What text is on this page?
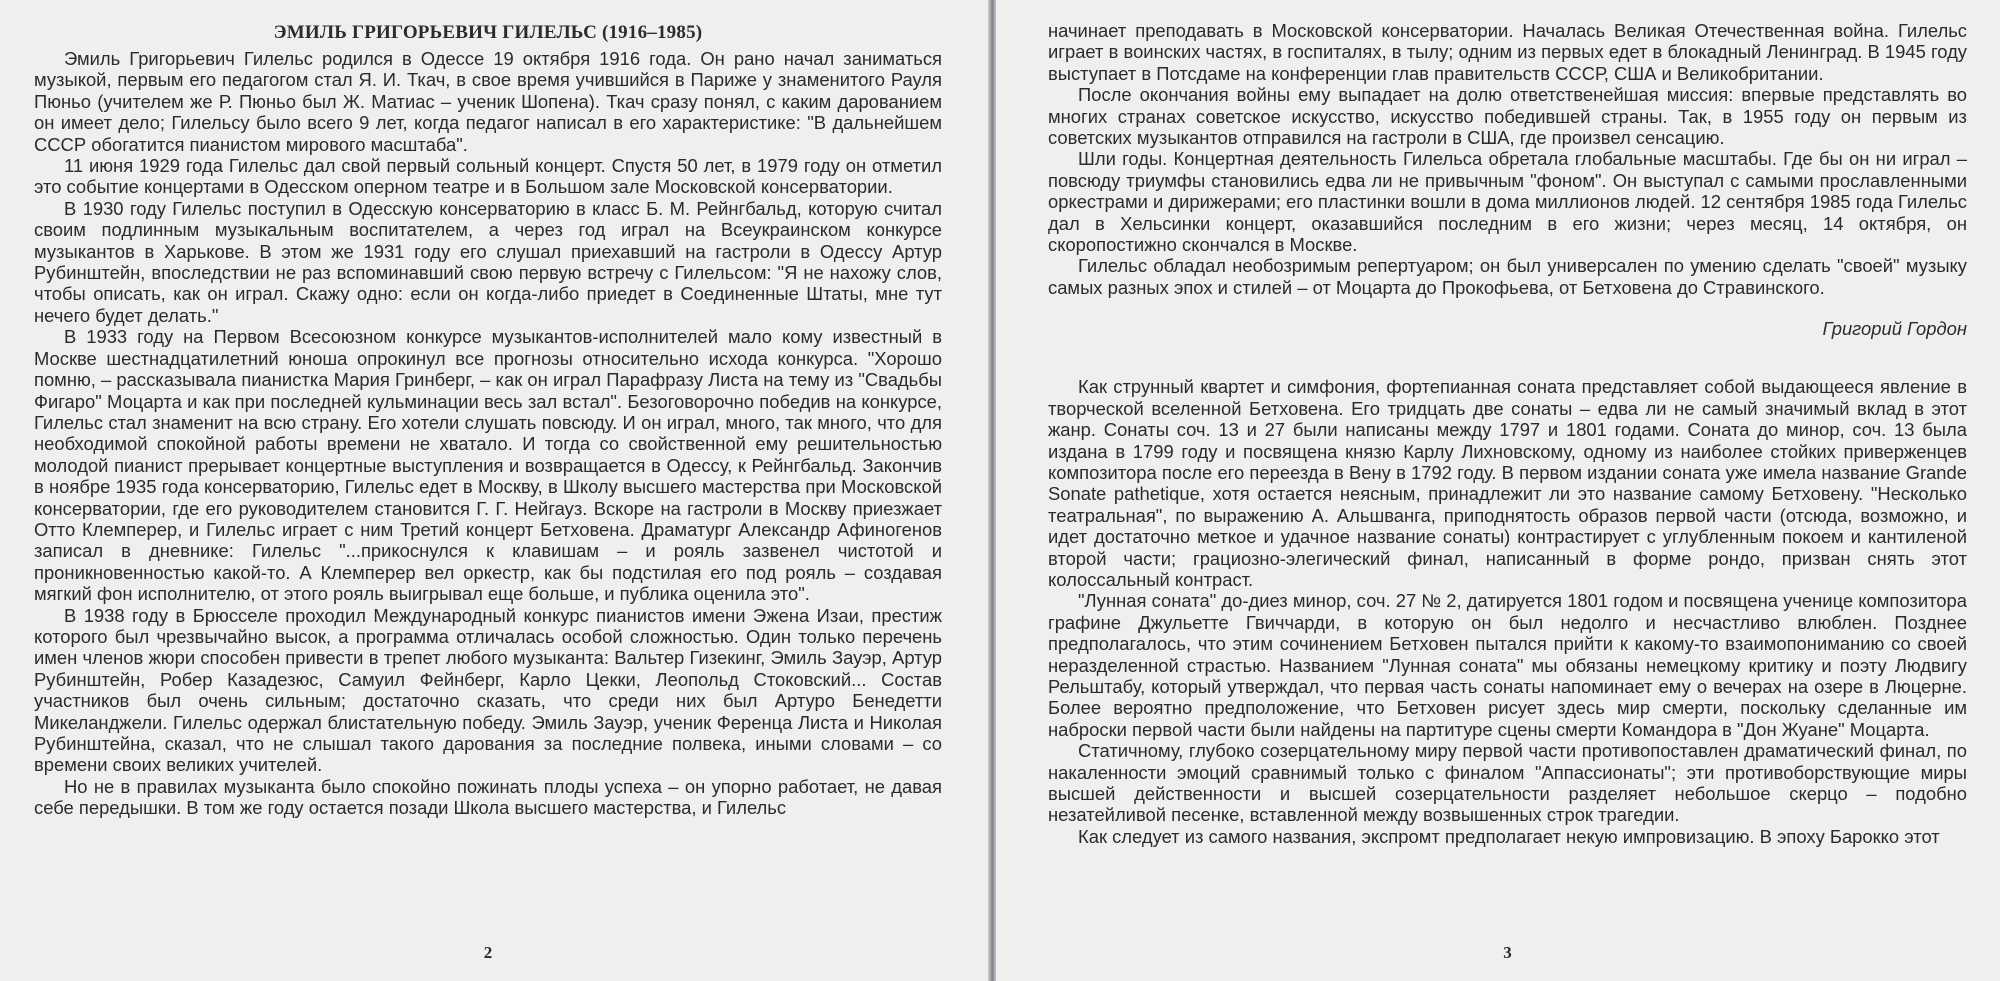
ЭМИЛЬ ГРИГОРЬЕВИЧ ГИЛЕЛЬС (1916–1985)

Эмиль Григорьевич Гилельс родился в Одессе 19 октября 1916 года. Он рано начал заниматься музыкой, первым его педагогом стал Я. И. Ткач, в свое время учившийся в Париже у знаменитого Рауля Пюньо (учителем же Р. Пюньо был Ж. Матиас – ученик Шопена). Ткач сразу понял, с каким дарованием он имеет дело; Гилельсу было всего 9 лет, когда педагог написал в его характеристике: "В дальнейшем СССР обогатится пианистом мирового масштаба".

11 июня 1929 года Гилельс дал свой первый сольный концерт. Спустя 50 лет, в 1979 году он отметил это событие концертами в Одесском оперном театре и в Большом зале Московской консерватории.

В 1930 году Гилельс поступил в Одесскую консерваторию в класс Б. М. Рейнгбальд, которую считал своим подлинным музыкальным воспитателем, а через год играл на Всеукраинском конкурсе музыкантов в Харькове. В этом же 1931 году его слушал приехавший на гастроли в Одессу Артур Рубинштейн, впоследствии не раз вспоминавший свою первую встречу с Гилельсом: "Я не нахожу слов, чтобы описать, как он играл. Скажу одно: если он когда-либо приедет в Соединенные Штаты, мне тут нечего будет делать."

В 1933 году на Первом Всесоюзном конкурсе музыкантов-исполнителей мало кому известный в Москве шестнадцатилетний юноша опрокинул все прогнозы относительно исхода конкурса. "Хорошо помню, – рассказывала пианистка Мария Гринберг, – как он играл Парафразу Листа на тему из "Свадьбы Фигаро" Моцарта и как при последней кульминации весь зал встал". Безоговорочно победив на конкурсе, Гилельс стал знаменит на всю страну. Его хотели слушать повсюду. И он играл, много, так много, что для необходимой спокойной работы времени не хватало. И тогда со свойственной ему решительностью молодой пианист прерывает концертные выступления и возвращается в Одессу, к Рейнгбальд. Закончив в ноябре 1935 года консерваторию, Гилельс едет в Москву, в Школу высшего мастерства при Московской консерватории, где его руководителем становится Г. Г. Нейгауз. Вскоре на гастроли в Москву приезжает Отто Клемперер, и Гилельс играет с ним Третий концерт Бетховена. Драматург Александр Афиногенов записал в дневнике: Гилельс "...прикоснулся к клавишам – и рояль зазвенел чистотой и проникновенностью какой-то. А Клемперер вел оркестр, как бы подстилая его под рояль – создавая мягкий фон исполнителю, от этого рояль выигрывал еще больше, и публика оценила это".

В 1938 году в Брюсселе проходил Международный конкурс пианистов имени Эжена Изаи, престиж которого был чрезвычайно высок, а программа отличалась особой сложностью. Один только перечень имен членов жюри способен привести в трепет любого музыканта: Вальтер Гизекинг, Эмиль Зауэр, Артур Рубинштейн, Робер Казадезюс, Самуил Фейнберг, Карло Цекки, Леопольд Стоковский... Состав участников был очень сильным; достаточно сказать, что среди них был Артуро Бенедетти Микеланджели. Гилельс одержал блистательную победу. Эмиль Зауэр, ученик Ференца Листа и Николая Рубинштейна, сказал, что не слышал такого дарования за последние полвека, иными словами – со времени своих великих учителей.

Но не в правилах музыканта было спокойно пожинать плоды успеха – он упорно работает, не давая себе передышки. В том же году остается позади Школа высшего мастерства, и Гилельс

2

начинает преподавать в Московской консерватории. Началась Великая Отечественная война. Гилельс играет в воинских частях, в госпиталях, в тылу; одним из первых едет в блокадный Ленинград. В 1945 году выступает в Потсдаме на конференции глав правительств СССР, США и Великобритании.

После окончания войны ему выпадает на долю ответственейшая миссия: впервые представлять во многих странах советское искусство, искусство победившей страны. Так, в 1955 году он первым из советских музыкантов отправился на гастроли в США, где произвел сенсацию.

Шли годы. Концертная деятельность Гилельса обретала глобальные масштабы. Где бы он ни играл – повсюду триумфы становились едва ли не привычным "фоном". Он выступал с самыми прославленными оркестрами и дирижерами; его пластинки вошли в дома миллионов людей. 12 сентября 1985 года Гилельс дал в Хельсинки концерт, оказавшийся последним в его жизни; через месяц, 14 октября, он скоропостижно скончался в Москве.

Гилельс обладал необозримым репертуаром; он был универсален по умению сделать "своей" музыку самых разных эпох и стилей – от Моцарта до Прокофьева, от Бетховена до Стравинского.

Григорий Гордон

Как струнный квартет и симфония, фортепианная соната представляет собой выдающееся явление в творческой вселенной Бетховена. Его тридцать две сонаты – едва ли не самый значимый вклад в этот жанр. Сонаты соч. 13 и 27 были написаны между 1797 и 1801 годами. Соната до минор, соч. 13 была издана в 1799 году и посвящена князю Карлу Лихновскому, одному из наиболее стойких приверженцев композитора после его переезда в Вену в 1792 году. В первом издании соната уже имела название Grande Sonate pathetique, хотя остается неясным, принадлежит ли это название самому Бетховену. "Несколько театральная", по выражению А. Альшванга, приподнятость образов первой части (отсюда, возможно, и идет достаточно меткое и удачное название сонаты) контрастирует с углубленным покоем и кантиленой второй части; грациозно-элегический финал, написанный в форме рондо, призван снять этот колоссальный контраст.

"Лунная соната" до-диез минор, соч. 27 № 2, датируется 1801 годом и посвящена ученице композитора графине Джульетте Гвиччарди, в которую он был недолго и несчастливо влюблен. Позднее предполагалось, что этим сочинением Бетховен пытался прийти к какому-то взаимопониманию со своей неразделенной страстью. Названием "Лунная соната" мы обязаны немецкому критику и поэту Людвигу Рельштабу, который утверждал, что первая часть сонаты напоминает ему о вечерах на озере в Люцерне. Более вероятно предположение, что Бетховен рисует здесь мир смерти, поскольку сделанные им наброски первой части были найдены на партитуре сцены смерти Командора в "Дон Жуане" Моцарта.

Статичному, глубоко созерцательному миру первой части противопоставлен драматический финал, по накаленности эмоций сравнимый только с финалом "Аппассионаты"; эти противоборствующие миры высшей действенности и высшей созерцательности разделяет небольшое скерцо – подобно незатейливой песенке, вставленной между возвышенных строк трагедии.

Как следует из самого названия, экспромт предполагает некую импровизацию. В эпоху Барокко этот

3
